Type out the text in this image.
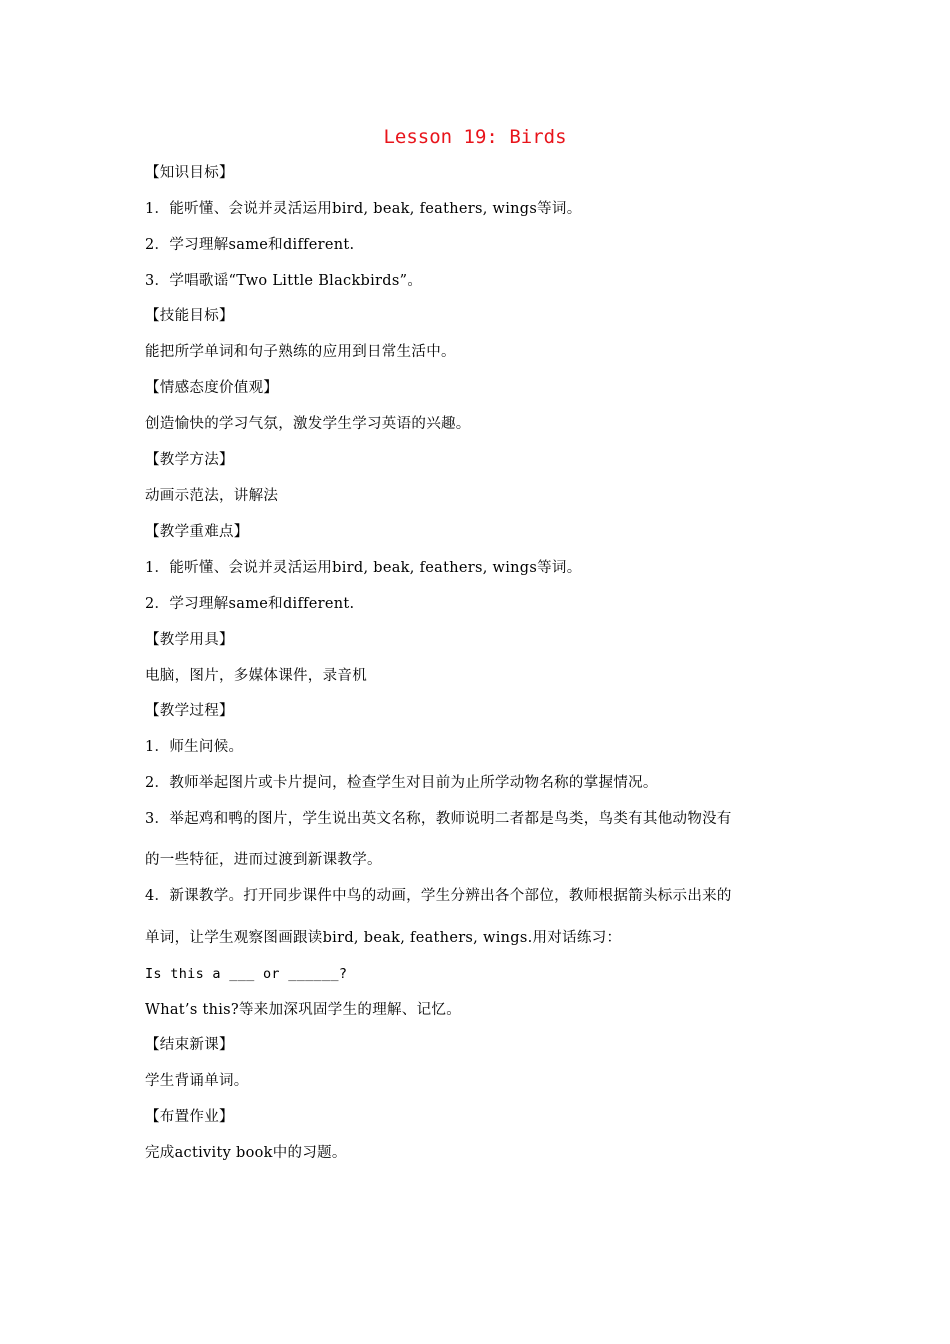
Lesson 19: Birds
【知识目标】
1．能听懂、会说并灵活运用bird, beak, feathers, wings等词。
2．学习理解same和different.
3．学唱歌谣“Two Little Blackbirds”。
【技能目标】
能把所学单词和句子熟练的应用到日常生活中。
【情感态度价值观】
创造愉快的学习气氛，激发学生学习英语的兴趣。
【教学方法】
动画示范法，讲解法
【教学重难点】
1．能听懂、会说并灵活运用bird, beak, feathers, wings等词。
2．学习理解same和different.
【教学用具】
电脑，图片，多媒体课件，录音机
【教学过程】
1．师生问候。
2．教师举起图片或卡片提问，检查学生对目前为止所学动物名称的掌握情况。
3．举起鸡和鸭的图片，学生说出英文名称，教师说明二者都是鸟类，鸟类有其他动物没有
的一些特征，进而过渡到新课教学。
4．新课教学。打开同步课件中鸟的动画，学生分辨出各个部位，教师根据箭头标示出来的
单词，让学生观察图画跟读bird, beak, feathers, wings.用对话练习：
Is this a ___ or ______?
What’s this?等来加深巩固学生的理解、记忆。
【结束新课】
学生背诵单词。
【布置作业】
完成activity book中的习题。
